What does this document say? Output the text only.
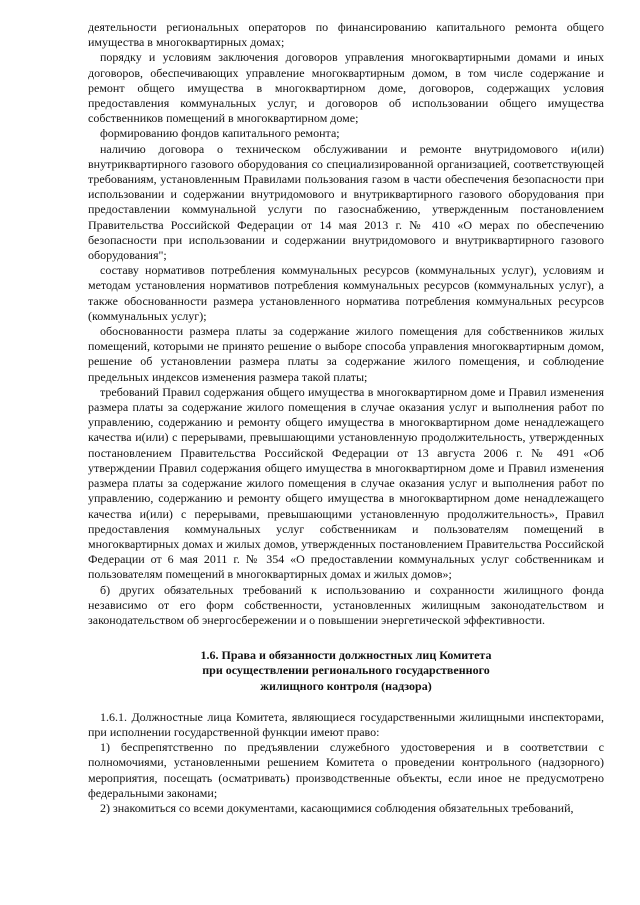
деятельности региональных операторов по финансированию капитального ремонта общего имущества в многоквартирных домах;

порядку и условиям заключения договоров управления многоквартирными домами и иных договоров, обеспечивающих управление многоквартирным домом, в том числе содержание и ремонт общего имущества в многоквартирном доме, договоров, содержащих условия предоставления коммунальных услуг, и договоров об использовании общего имущества собственников помещений в многоквартирном доме;

формированию фондов капитального ремонта;

наличию договора о техническом обслуживании и ремонте внутридомового и(или) внутриквартирного газового оборудования со специализированной организацией, соответствующей требованиям, установленным Правилами пользования газом в части обеспечения безопасности при использовании и содержании внутридомового и внутриквартирного газового оборудования при предоставлении коммунальной услуги по газоснабжению, утвержденным постановлением Правительства Российской Федерации от 14 мая 2013 г. № 410 «О мерах по обеспечению безопасности при использовании и содержании внутридомового и внутриквартирного газового оборудования";

составу нормативов потребления коммунальных ресурсов (коммунальных услуг), условиям и методам установления нормативов потребления коммунальных ресурсов (коммунальных услуг), а также обоснованности размера установленного норматива потребления коммунальных ресурсов (коммунальных услуг);

обоснованности размера платы за содержание жилого помещения для собственников жилых помещений, которыми не принято решение о выборе способа управления многоквартирным домом, решение об установлении размера платы за содержание жилого помещения, и соблюдение предельных индексов изменения размера такой платы;

требований Правил содержания общего имущества в многоквартирном доме и Правил изменения размера платы за содержание жилого помещения в случае оказания услуг и выполнения работ по управлению, содержанию и ремонту общего имущества в многоквартирном доме ненадлежащего качества и(или) с перерывами, превышающими установленную продолжительность, утвержденных постановлением Правительства Российской Федерации от 13 августа 2006 г. № 491 «Об утверждении Правил содержания общего имущества в многоквартирном доме и Правил изменения размера платы за содержание жилого помещения в случае оказания услуг и выполнения работ по управлению, содержанию и ремонту общего имущества в многоквартирном доме ненадлежащего качества и(или) с перерывами, превышающими установленную продолжительность», Правил предоставления коммунальных услуг собственникам и пользователям помещений в многоквартирных домах и жилых домов, утвержденных постановлением Правительства Российской Федерации от 6 мая 2011 г. № 354 «О предоставлении коммунальных услуг собственникам и пользователям помещений в многоквартирных домах и жилых домов»;

б) других обязательных требований к использованию и сохранности жилищного фонда независимо от его форм собственности, установленных жилищным законодательством и законодательством об энергосбережении и о повышении энергетической эффективности.

1.6. Права и обязанности должностных лиц Комитета
при осуществлении регионального государственного
жилищного контроля (надзора)

1.6.1. Должностные лица Комитета, являющиеся государственными жилищными инспекторами, при исполнении государственной функции имеют право:

1) беспрепятственно по предъявлении служебного удостоверения и в соответствии с полномочиями, установленными решением Комитета о проведении контрольного (надзорного) мероприятия, посещать (осматривать) производственные объекты, если иное не предусмотрено федеральными законами;

2) знакомиться со всеми документами, касающимися соблюдения обязательных требований,
